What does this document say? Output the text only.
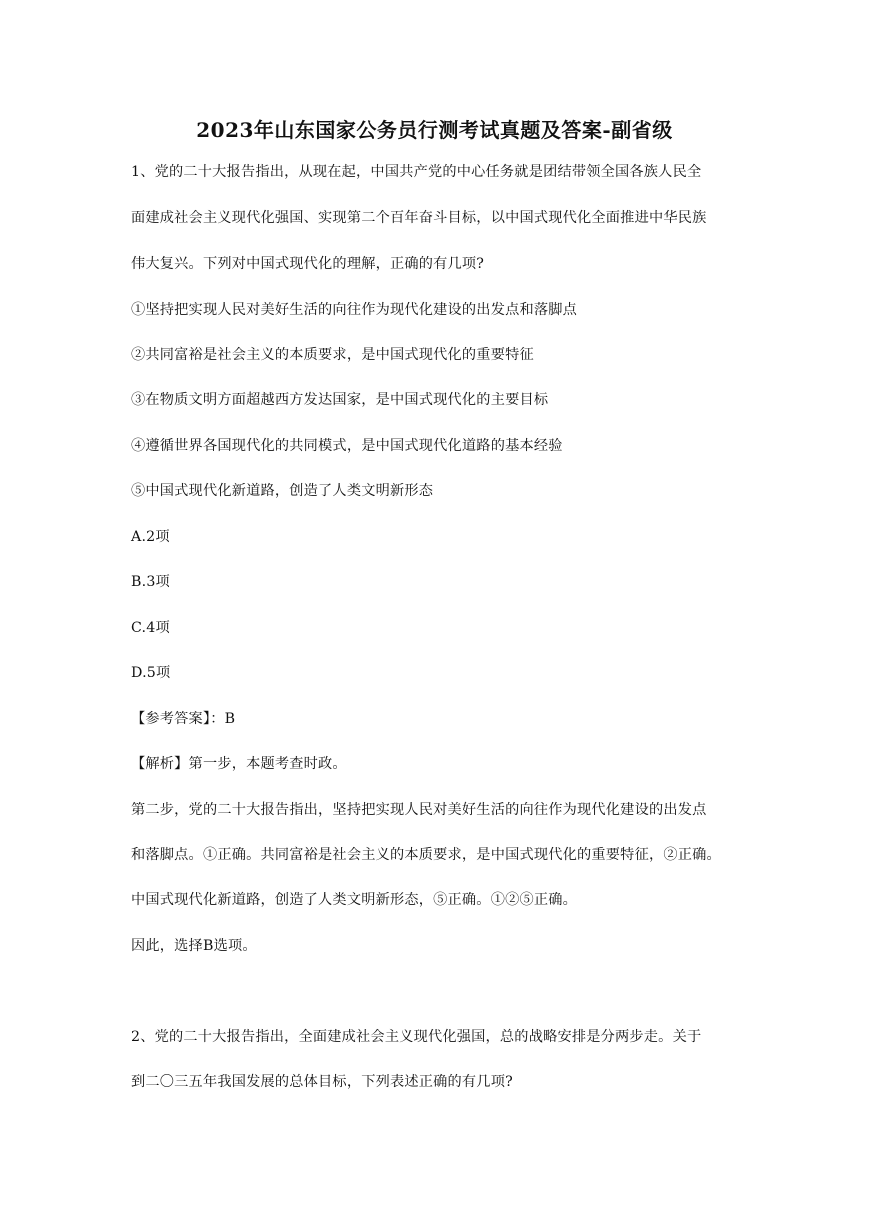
2023年山东国家公务员行测考试真题及答案-副省级
1、党的二十大报告指出，从现在起，中国共产党的中心任务就是团结带领全国各族人民全
面建成社会主义现代化强国、实现第二个百年奋斗目标，以中国式现代化全面推进中华民族
伟大复兴。下列对中国式现代化的理解，正确的有几项?
①坚持把实现人民对美好生活的向往作为现代化建设的出发点和落脚点
②共同富裕是社会主义的本质要求，是中国式现代化的重要特征
③在物质文明方面超越西方发达国家，是中国式现代化的主要目标
④遵循世界各国现代化的共同模式，是中国式现代化道路的基本经验
⑤中国式现代化新道路，创造了人类文明新形态
A.2项
B.3项
C.4项
D.5项
【参考答案】：B
【解析】第一步，本题考查时政。
第二步，党的二十大报告指出，坚持把实现人民对美好生活的向往作为现代化建设的出发点
和落脚点。①正确。共同富裕是社会主义的本质要求，是中国式现代化的重要特征，②正确。
中国式现代化新道路，创造了人类文明新形态，⑤正确。①②⑤正确。
因此，选择B选项。
2、党的二十大报告指出，全面建成社会主义现代化强国，总的战略安排是分两步走。关于
到二〇三五年我国发展的总体目标，下列表述正确的有几项?
